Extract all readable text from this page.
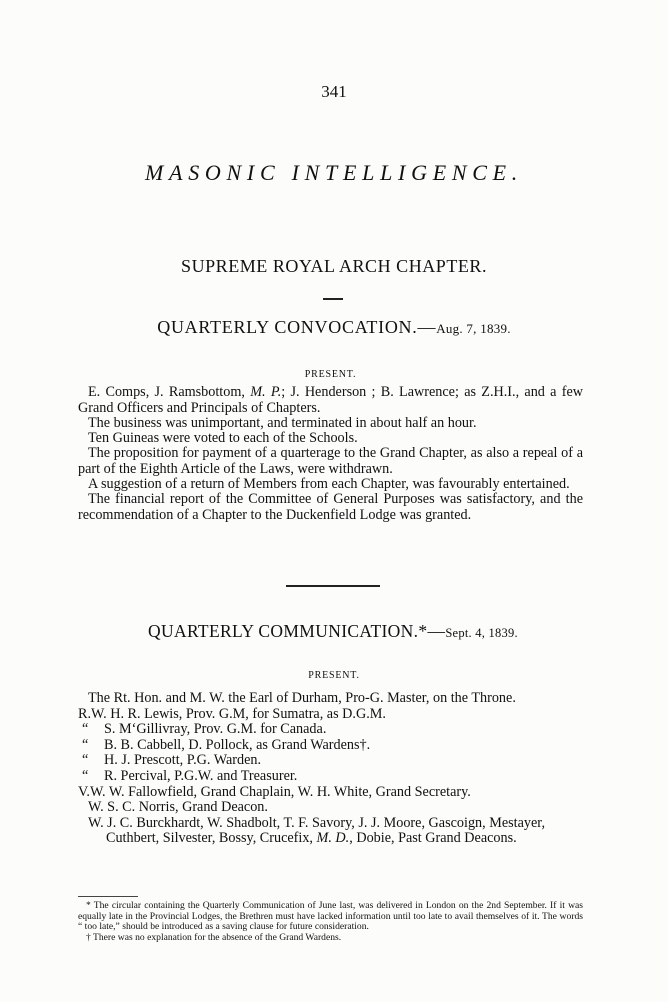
341
MASONIC INTELLIGENCE.
SUPREME ROYAL ARCH CHAPTER.
QUARTERLY CONVOCATION.—Aug. 7, 1839.
PRESENT.

E. Comps, J. Ramsbottom, M. P.; J. Henderson ; B. Lawrence; as Z.H.I., and a few Grand Officers and Principals of Chapters.

The business was unimportant, and terminated in about half an hour.

Ten Guineas were voted to each of the Schools.

The proposition for payment of a quarterage to the Grand Chapter, as also a repeal of a part of the Eighth Article of the Laws, were withdrawn.

A suggestion of a return of Members from each Chapter, was favourably entertained.

The financial report of the Committee of General Purposes was satisfactory, and the recommendation of a Chapter to the Duckenfield Lodge was granted.

QUARTERLY COMMUNICATION.*—Sept. 4, 1839.
PRESENT.

The Rt. Hon. and M. W. the Earl of Durham, Pro-G. Master, on the Throne.

R.W. H. R. Lewis, Prov. G.M, for Sumatra, as D.G.M.

“ S. M‘Gillivray, Prov. G.M. for Canada.

“ B. B. Cabbell, D. Pollock, as Grand Wardens†.

“ H. J. Prescott, P.G. Warden.

“ R. Percival, P.G.W. and Treasurer.

V.W. W. Fallowfield, Grand Chaplain, W. H. White, Grand Secretary.

W. S. C. Norris, Grand Deacon.

W. J. C. Burckhardt, W. Shadbolt, T. F. Savory, J. J. Moore, Gascoign, Mestayer, Cuthbert, Silvester, Bossy, Crucefix, M. D., Dobie, Past Grand Deacons.

* The circular containing the Quarterly Communication of June last, was delivered in London on the 2nd September. If it was equally late in the Provincial Lodges, the Brethren must have lacked information until too late to avail themselves of it. The words “ too late,” should be introduced as a saving clause for future consideration.

† There was no explanation for the absence of the Grand Wardens.
